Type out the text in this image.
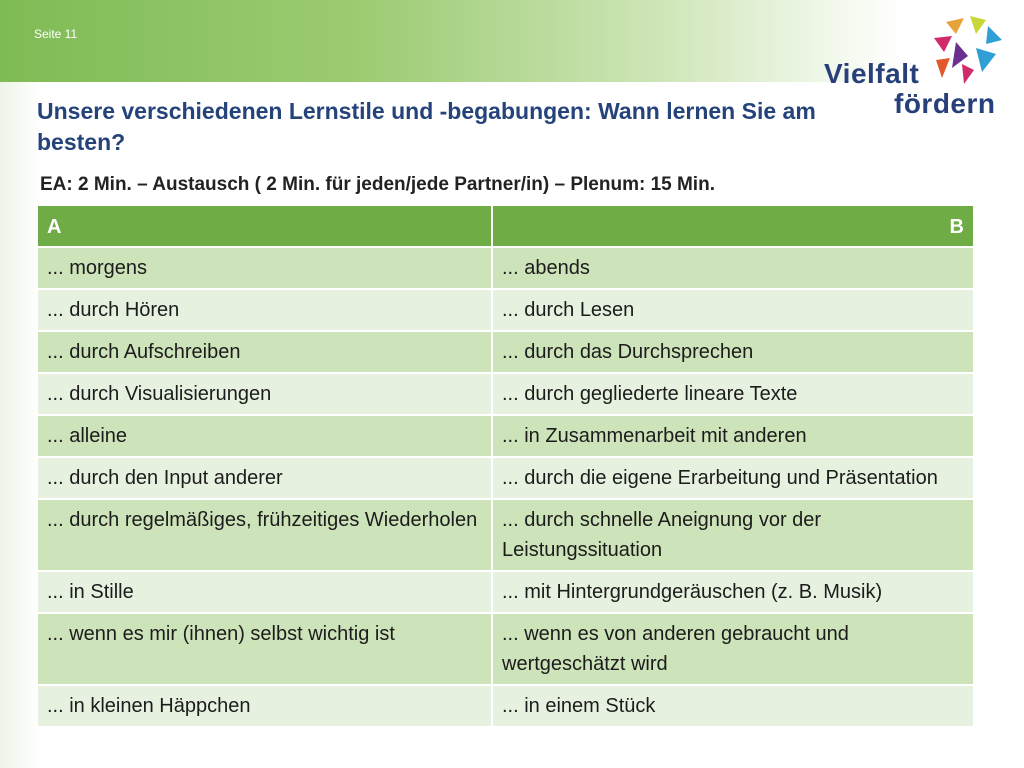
Seite 11
Vielfalt
fördern
Unsere verschiedenen Lernstile und -begabungen: Wann lernen Sie am besten?

EA: 2 Min. – Austausch ( 2 Min. für jeden/jede Partner/in) – Plenum: 15 Min.

A	B
... morgens	... abends
... durch Hören	... durch Lesen
... durch Aufschreiben	... durch das Durchsprechen
... durch Visualisierungen	... durch gegliederte lineare Texte
... alleine	... in Zusammenarbeit mit anderen
... durch den Input anderer	... durch die eigene Erarbeitung und Präsentation
... durch regelmäßiges, frühzeitiges Wiederholen	... durch schnelle Aneignung vor der Leistungssituation
... in Stille	... mit Hintergrundgeräuschen (z. B. Musik)
... wenn es mir (ihnen) selbst wichtig ist	... wenn es von anderen gebraucht und wertgeschätzt wird
... in kleinen Häppchen	... in einem Stück
